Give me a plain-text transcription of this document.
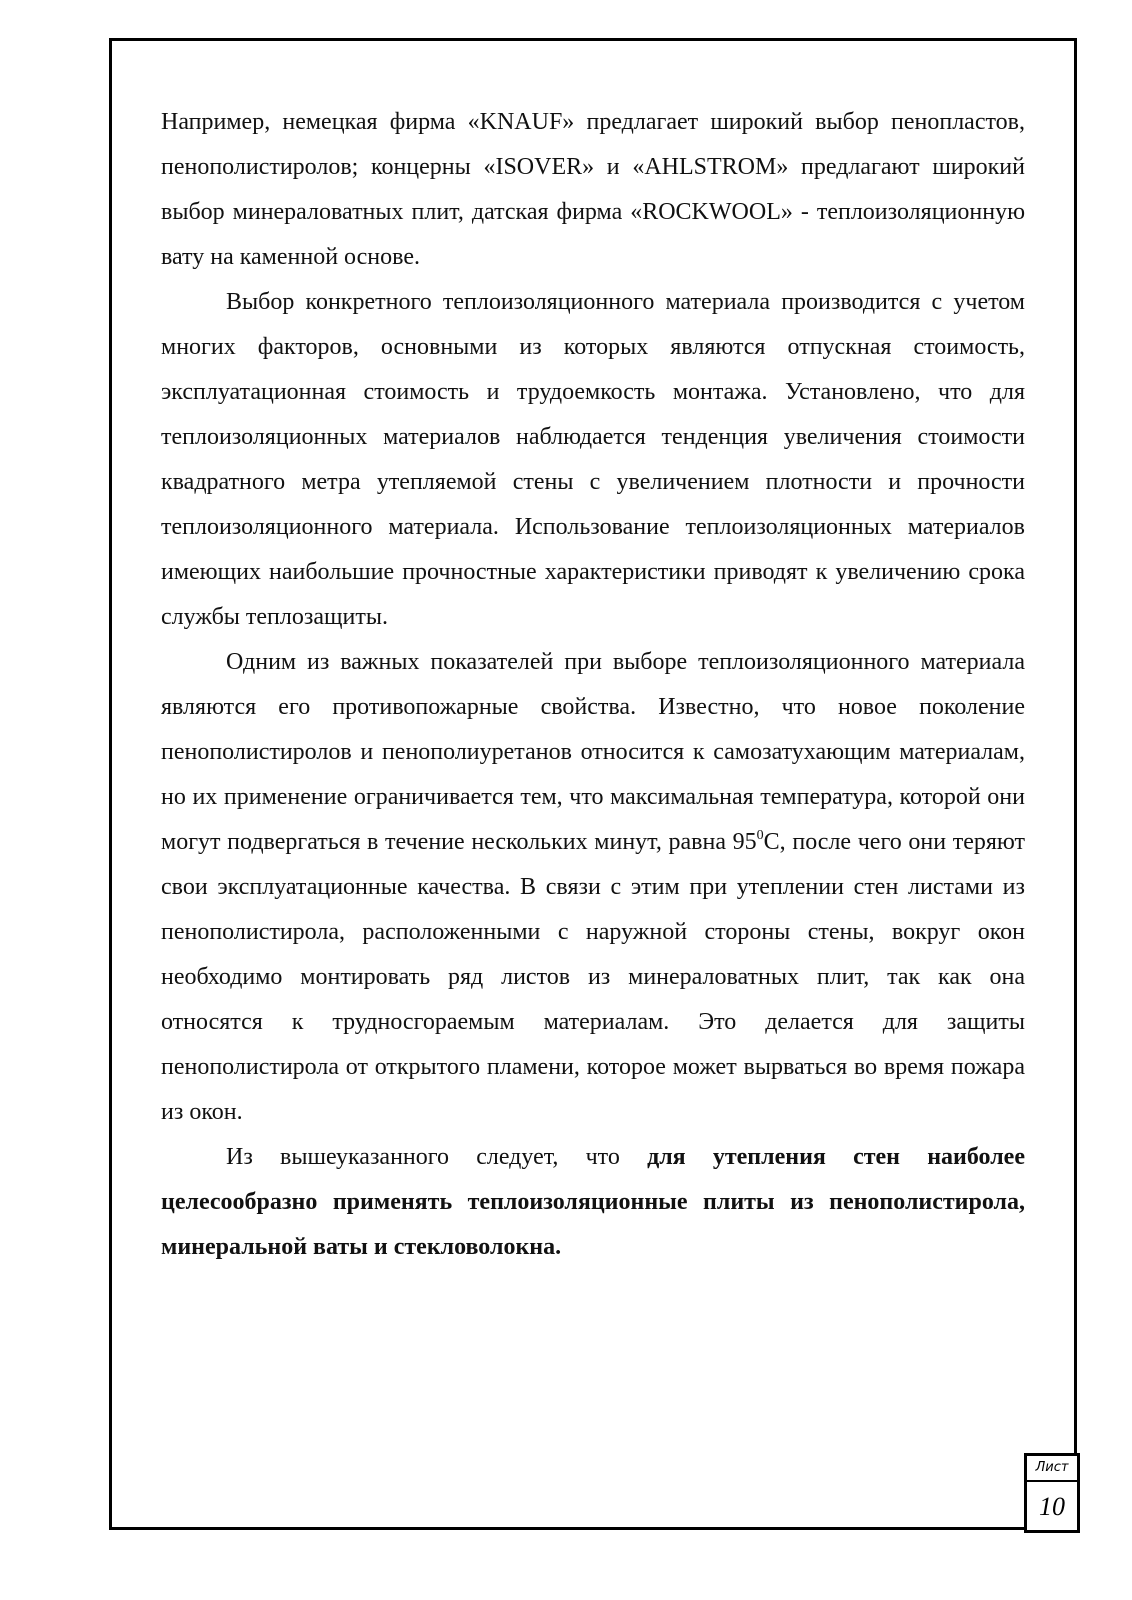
Например, немецкая фирма «KNAUF» предлагает широкий выбор пенопластов, пенополистиролов; концерны «ISOVER» и «AHLSTROM» предлагают широкий выбор минераловатных плит, датская фирма «ROCKWOOL» - теплоизоляционную вату на каменной основе.

Выбор конкретного теплоизоляционного материала производится с учетом многих факторов, основными из которых являются отпускная стоимость, эксплуатационная стоимость и трудоемкость монтажа. Установлено, что для теплоизоляционных материалов наблюдается тенденция увеличения стоимости квадратного метра утепляемой стены с увеличением плотности и прочности теплоизоляционного материала. Использование теплоизоляционных материалов имеющих наибольшие прочностные характеристики приводят к увеличению срока службы теплозащиты.

Одним из важных показателей при выборе теплоизоляционного материала являются его противопожарные свойства. Известно, что новое поколение пенополистиролов и пенополиуретанов относится к самозатухающим материалам, но их применение ограничивается тем, что максимальная температура, которой они могут подвергаться в течение нескольких минут, равна $95^0С$, после чего они теряют свои эксплуатационные качества. В связи с этим при утеплении стен листами из пенополистирола, расположенными с наружной стороны стены, вокруг окон необходимо монтировать ряд листов из минераловатных плит, так как она относятся к трудносгораемым материалам. Это делается для защиты пенополистирола от открытого пламени, которое может вырваться во время пожара из окон.

Из вышеуказанного следует, что для утепления стен наиболее целесообразно применять теплоизоляционные плиты из пенополистирола, минеральной ваты и стекловолокна.

Лист
10
